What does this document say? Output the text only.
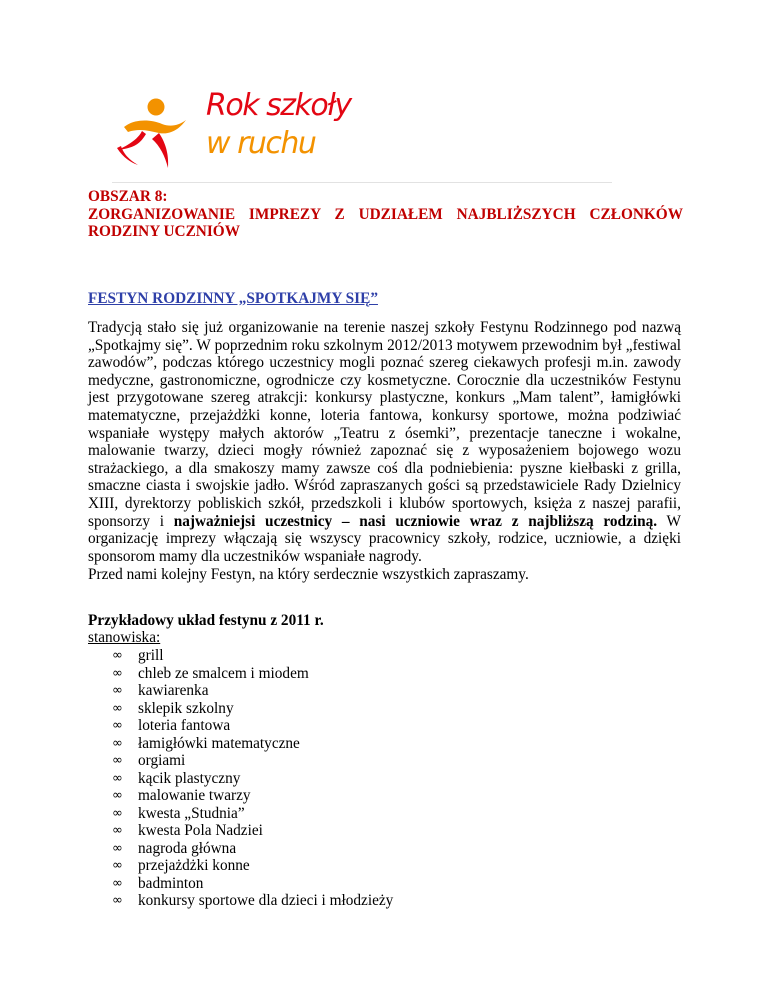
Rok szkoły
w ruchu
OBSZAR 8:
ZORGANIZOWANIE IMPREZY Z UDZIAŁEM NAJBLIŻSZYCH CZŁONKÓW
RODZINY UCZNIÓW

FESTYN RODZINNY „SPOTKAJMY SIĘ”

Tradycją stało się już organizowanie na terenie naszej szkoły Festynu Rodzinnego pod nazwą „Spotkajmy się”. W poprzednim roku szkolnym 2012/2013 motywem przewodnim był „festiwal zawodów”, podczas którego uczestnicy mogli poznać szereg ciekawych profesji m.in. zawody medyczne, gastronomiczne, ogrodnicze czy kosmetyczne. Corocznie dla uczestników Festynu jest przygotowane szereg atrakcji: konkursy plastyczne, konkurs „Mam talent”, łamigłówki matematyczne, przejażdżki konne, loteria fantowa, konkursy sportowe, można podziwiać wspaniałe występy małych aktorów „Teatru z ósemki”, prezentacje taneczne i wokalne, malowanie twarzy, dzieci mogły również zapoznać się z wyposażeniem bojowego wozu strażackiego, a dla smakoszy mamy zawsze coś dla podniebienia: pyszne kiełbaski z grilla, smaczne ciasta i swojskie jadło. Wśród zapraszanych gości są przedstawiciele Rady Dzielnicy XIII, dyrektorzy pobliskich szkół, przedszkoli i klubów sportowych, księża z naszej parafii, sponsorzy i najważniejsi uczestnicy – nasi uczniowie wraz z najbliższą rodziną. W organizację imprezy włączają się wszyscy pracownicy szkoły, rodzice, uczniowie, a dzięki sponsorom mamy dla uczestników wspaniałe nagrody.

Przed nami kolejny Festyn, na który serdecznie wszystkich zapraszamy.

Przykładowy układ festynu z 2011 r.

stanowiska:

∞ grill
∞ chleb ze smalcem i miodem
∞ kawiarenka
∞ sklepik szkolny
∞ loteria fantowa
∞ łamigłówki matematyczne
∞ orgiami
∞ kącik plastyczny
∞ malowanie twarzy
∞ kwesta „Studnia”
∞ kwesta Pola Nadziei
∞ nagroda główna
∞ przejażdżki konne
∞ badminton
∞ konkursy sportowe dla dzieci i młodzieży
